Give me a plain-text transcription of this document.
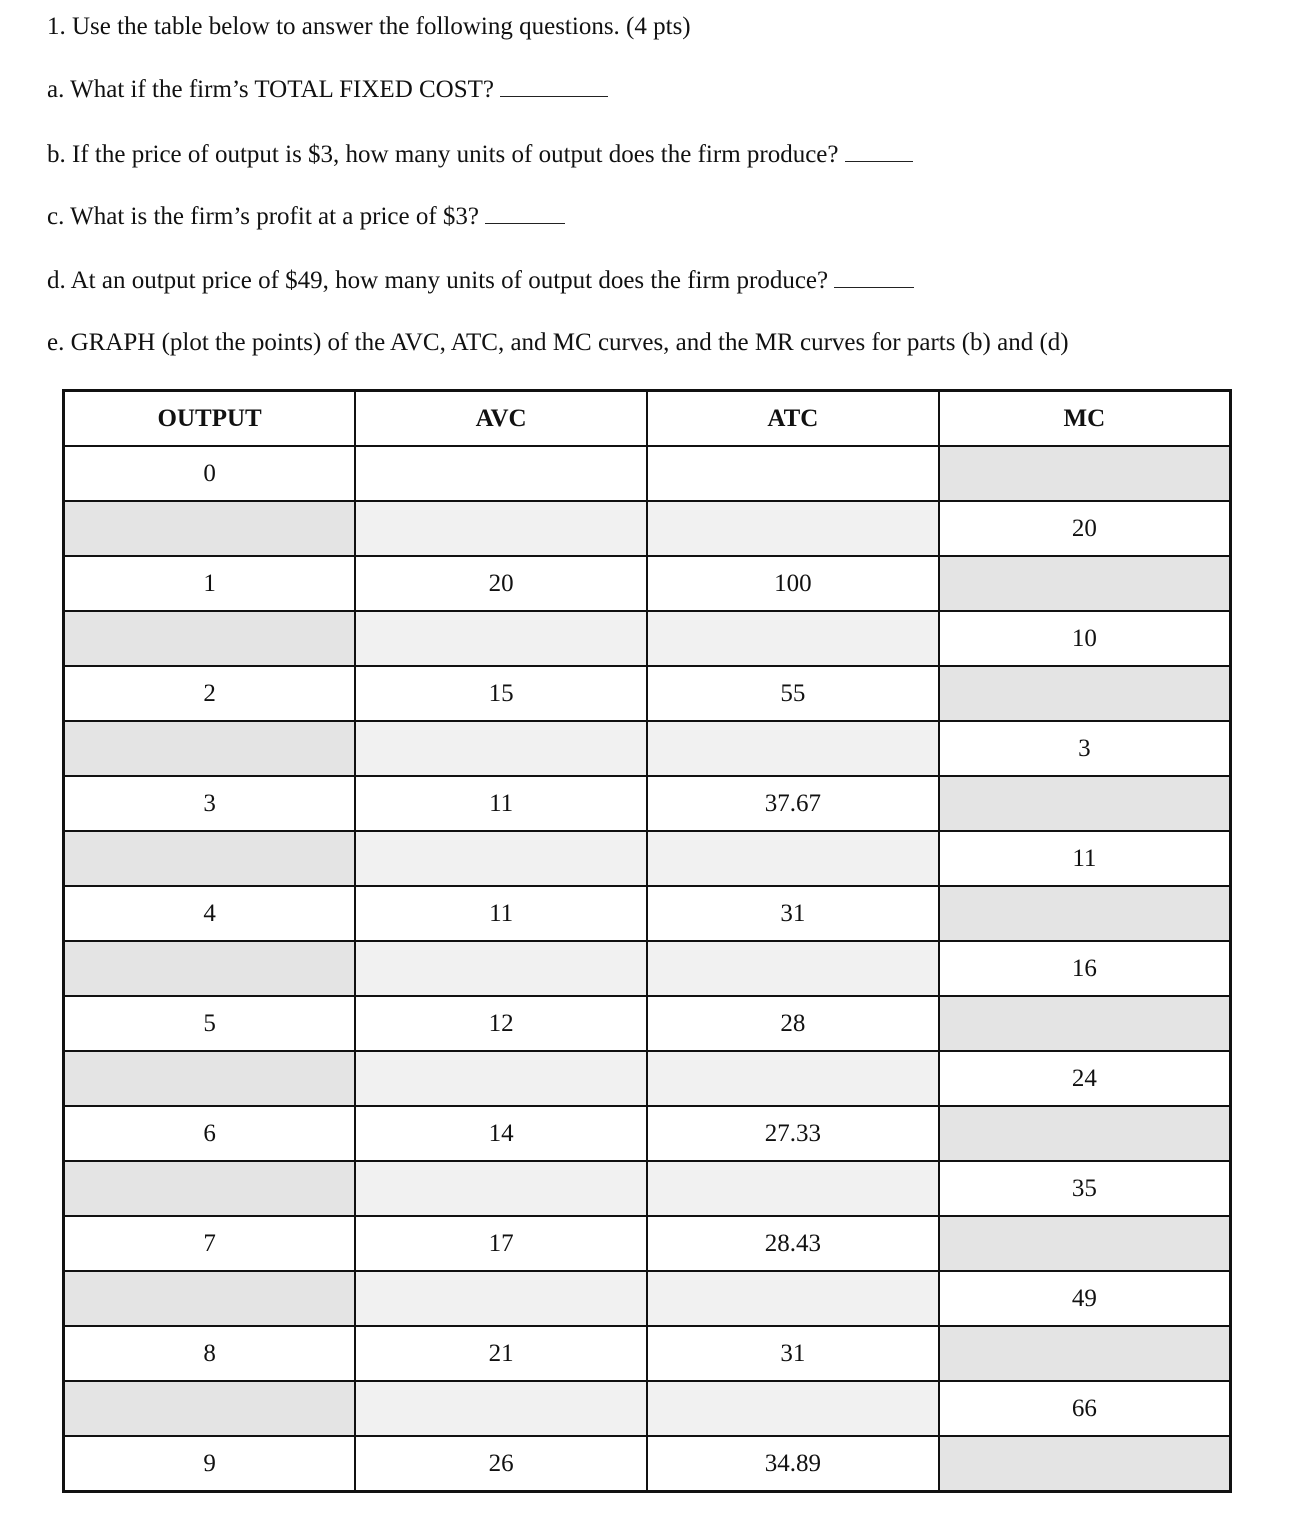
1. Use the table below to answer the following questions. (4 pts)
a. What if the firm’s TOTAL FIXED COST?
b. If the price of output is $3, how many units of output does the firm produce?
c. What is the firm’s profit at a price of $3?
d. At an output price of $49, how many units of output does the firm produce?
e. GRAPH (plot the points) of the AVC, ATC, and MC curves, and the MR curves for parts (b) and (d)
OUTPUT	AVC	ATC	MC
0			
			20
1	20	100	
			10
2	15	55	
			3
3	11	37.67	
			11
4	11	31	
			16
5	12	28	
			24
6	14	27.33	
			35
7	17	28.43	
			49
8	21	31	
			66
9	26	34.89	
